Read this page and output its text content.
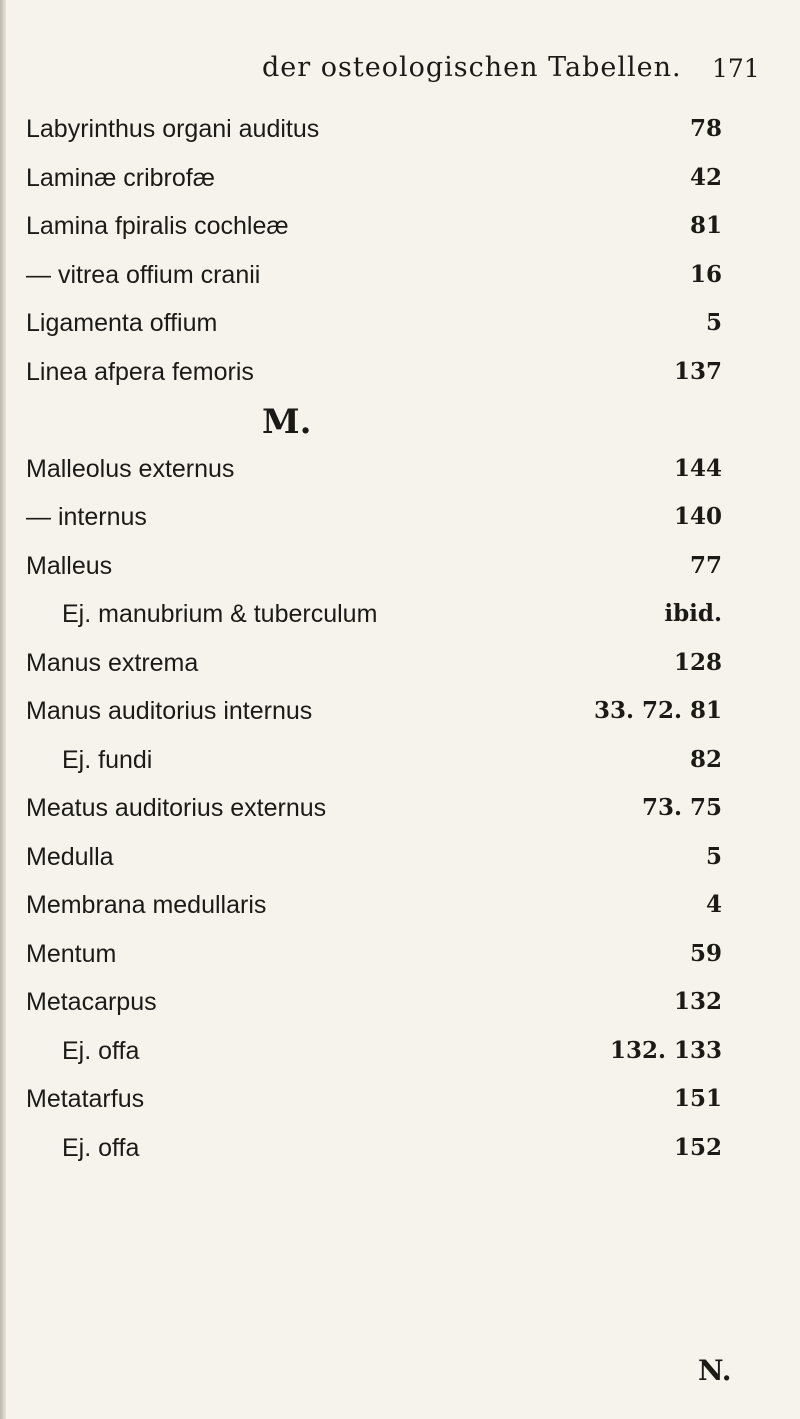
der osteologischen Tabellen. 171
Labyrinthus organi auditus	78
Laminæ cribrofæ	42
Lamina fpiralis cochleæ	81
— vitrea offium cranii	16
Ligamenta offium	5
Linea afpera femoris	137
M.
Malleolus externus	144
— internus	140
Malleus	77
Ej. manubrium & tuberculum	ibid.
Manus extrema	128
Manus auditorius internus	33. 72. 81
Ej. fundi	82
Meatus auditorius externus	73. 75
Medulla	5
Membrana medullaris	4
Mentum	59
Metacarpus	132
Ej. offa	132. 133
Metatarfus	151
Ej. offa	152
N.
